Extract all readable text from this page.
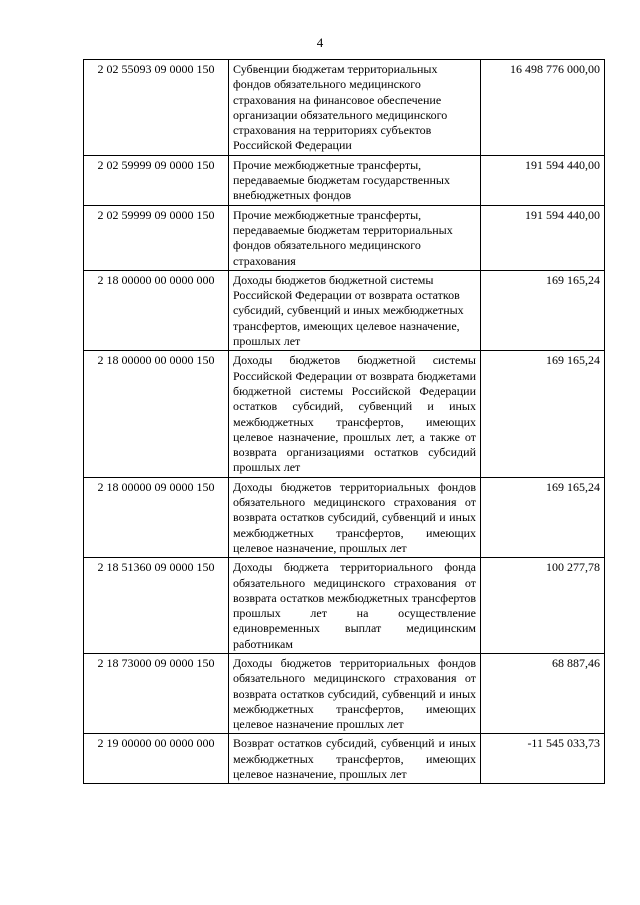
4
2 02 55093 09 0000 150	Субвенции бюджетам территориальных фондов обязательного медицинского страхования на финансовое обеспечение организации обязательного медицинского страхования на территориях субъектов Российской Федерации	16 498 776 000,00
2 02 59999 09 0000 150	Прочие межбюджетные трансферты, передаваемые бюджетам государственных внебюджетных фондов	191 594 440,00
2 02 59999 09 0000 150	Прочие межбюджетные трансферты, передаваемые бюджетам территориальных фондов обязательного медицинского страхования	191 594 440,00
2 18 00000 00 0000 000	Доходы бюджетов бюджетной системы Российской Федерации от возврата остатков субсидий, субвенций и иных межбюджетных трансфертов, имеющих целевое назначение, прошлых лет	169 165,24
2 18 00000 00 0000 150	Доходы бюджетов бюджетной системы Российской Федерации от возврата бюджетами бюджетной системы Российской Федерации остатков субсидий, субвенций и иных межбюджетных трансфертов, имеющих целевое назначение, прошлых лет, а также от возврата организациями остатков субсидий прошлых лет	169 165,24
2 18 00000 09 0000 150	Доходы бюджетов территориальных фондов обязательного медицинского страхования от возврата остатков субсидий, субвенций и иных межбюджетных трансфертов, имеющих целевое назначение, прошлых лет	169 165,24
2 18 51360 09 0000 150	Доходы бюджета территориального фонда обязательного медицинского страхования от возврата остатков межбюджетных трансфертов прошлых лет на осуществление единовременных выплат медицинским работникам	100 277,78
2 18 73000 09 0000 150	Доходы бюджетов территориальных фондов обязательного медицинского страхования от возврата остатков субсидий, субвенций и иных межбюджетных трансфертов, имеющих целевое назначение прошлых лет	68 887,46
2 19 00000 00 0000 000	Возврат остатков субсидий, субвенций и иных межбюджетных трансфертов, имеющих целевое назначение, прошлых лет	-11 545 033,73
